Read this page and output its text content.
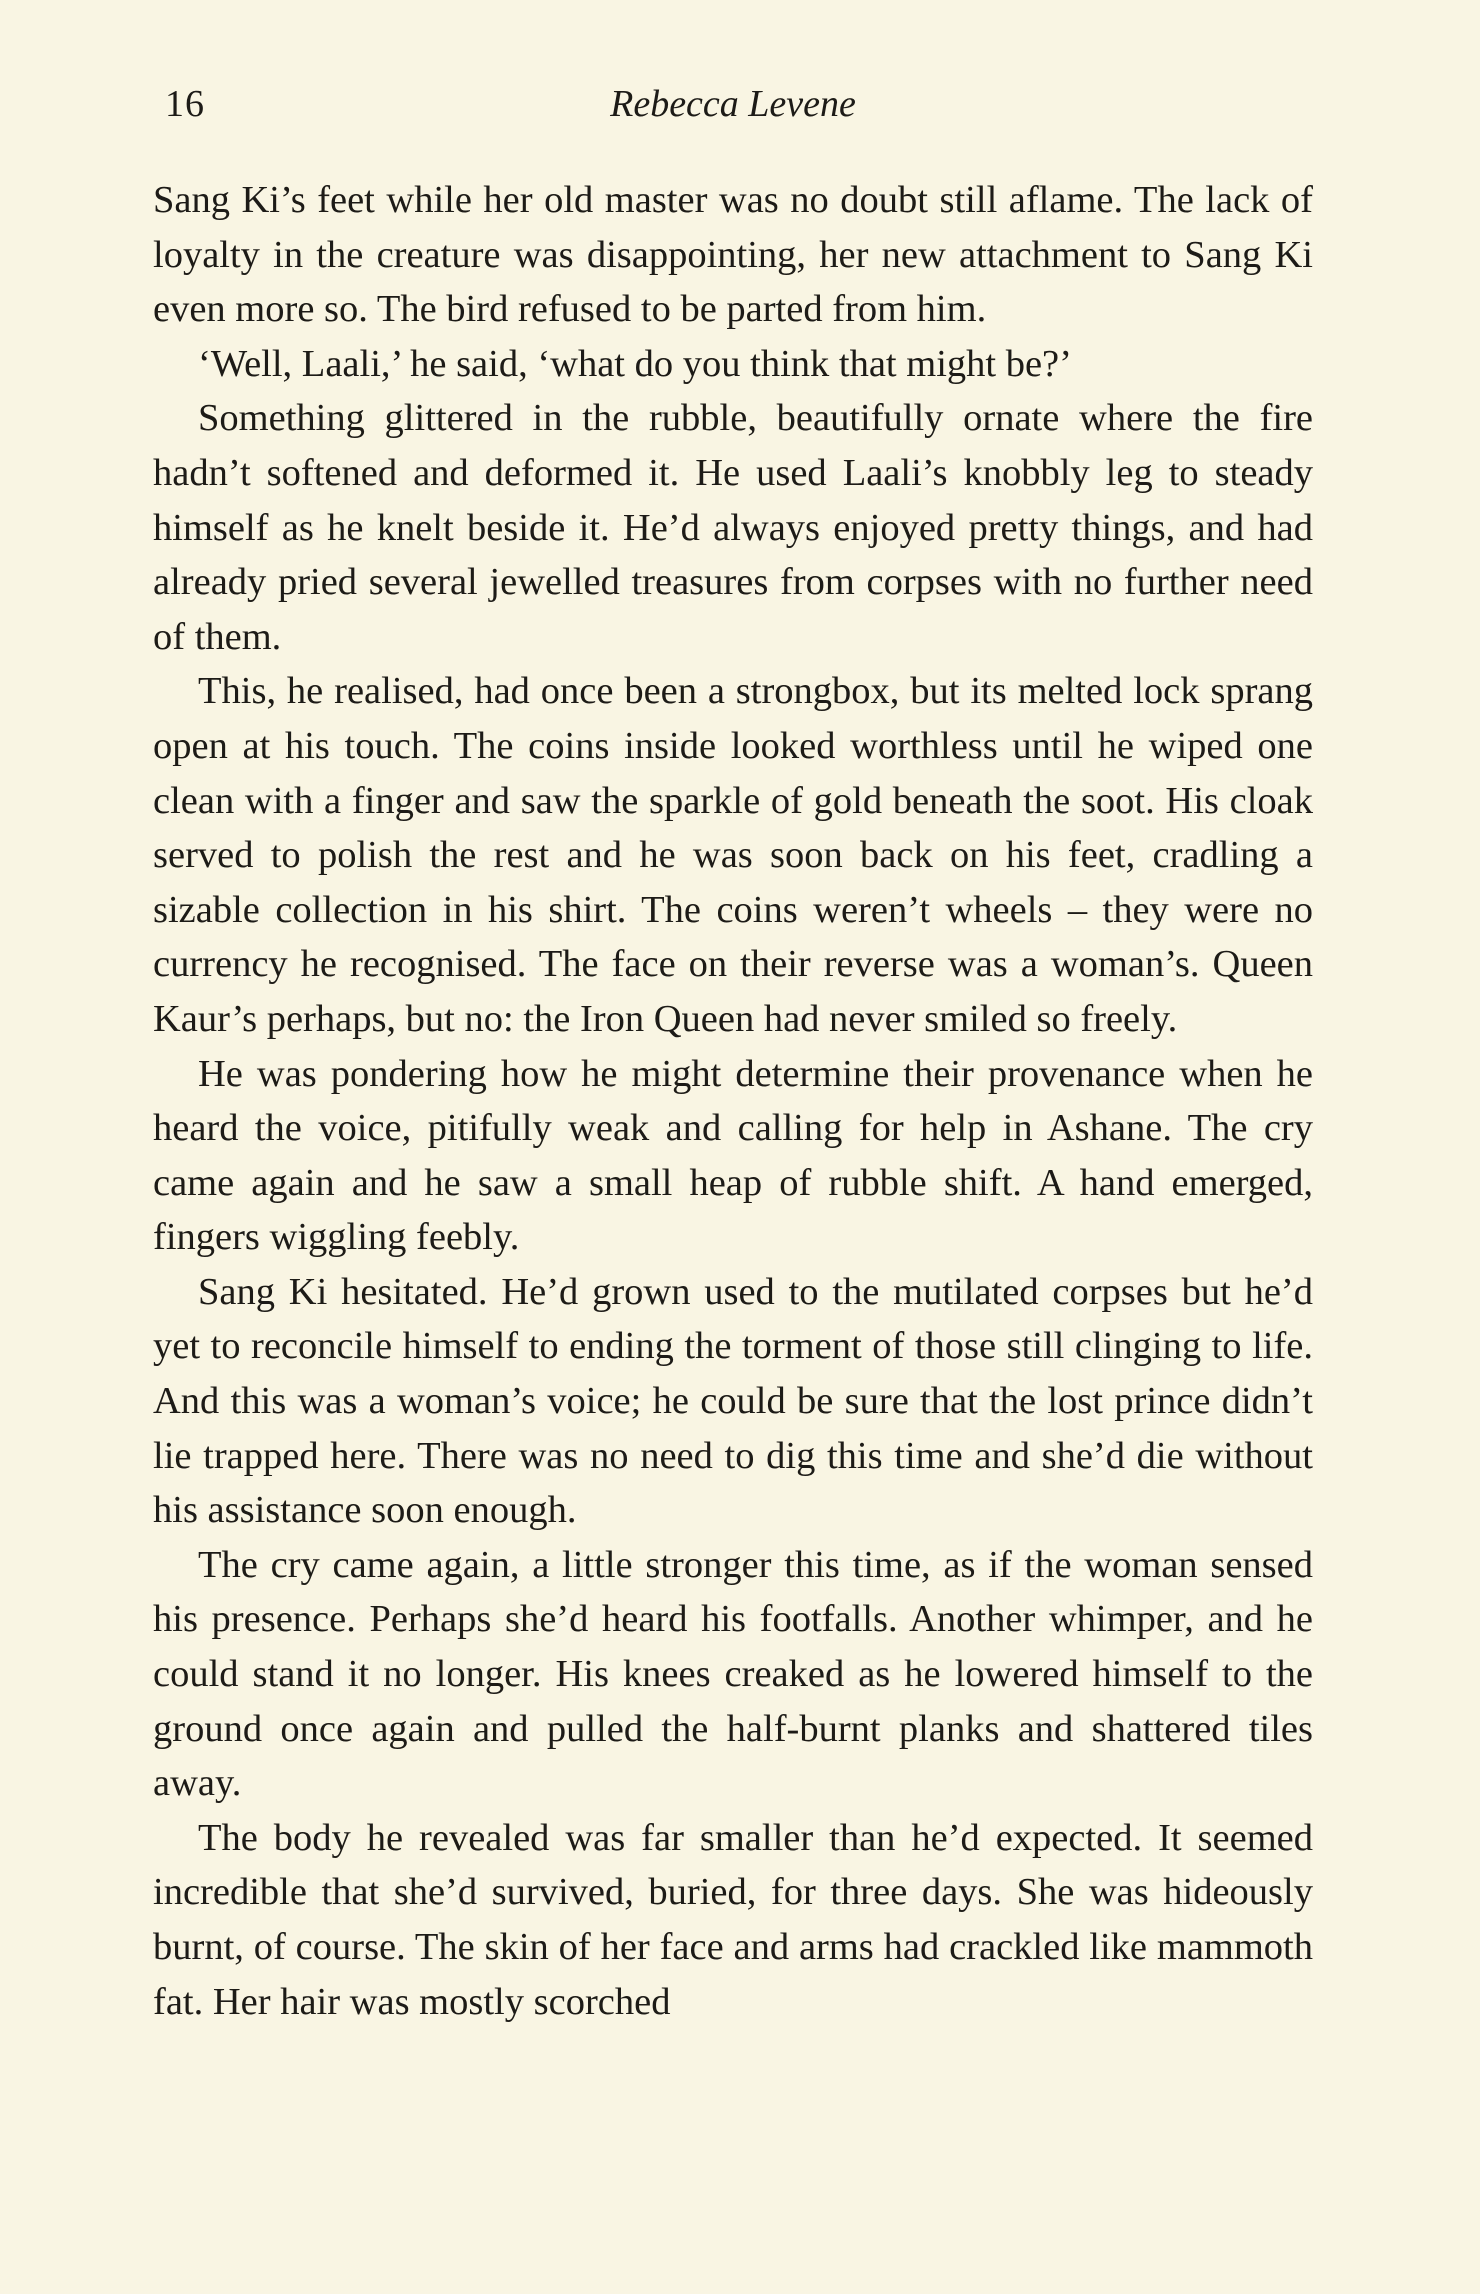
16	Rebecca Levene

Sang Ki’s feet while her old master was no doubt still aflame. The lack of loyalty in the creature was disappointing, her new attachment to Sang Ki even more so. The bird refused to be parted from him.

‘Well, Laali,’ he said, ‘what do you think that might be?’

Something glittered in the rubble, beautifully ornate where the fire hadn’t softened and deformed it. He used Laali’s knobbly leg to steady himself as he knelt beside it. He’d always enjoyed pretty things, and had already pried several jewelled treasures from corpses with no further need of them.

This, he realised, had once been a strongbox, but its melted lock sprang open at his touch. The coins inside looked worthless until he wiped one clean with a finger and saw the sparkle of gold beneath the soot. His cloak served to polish the rest and he was soon back on his feet, cradling a sizable collection in his shirt. The coins weren’t wheels – they were no currency he recognised. The face on their reverse was a woman’s. Queen Kaur’s perhaps, but no: the Iron Queen had never smiled so freely.

He was pondering how he might determine their provenance when he heard the voice, pitifully weak and calling for help in Ashane. The cry came again and he saw a small heap of rubble shift. A hand emerged, fingers wiggling feebly.

Sang Ki hesitated. He’d grown used to the mutilated corpses but he’d yet to reconcile himself to ending the torment of those still clinging to life. And this was a woman’s voice; he could be sure that the lost prince didn’t lie trapped here. There was no need to dig this time and she’d die without his assistance soon enough.

The cry came again, a little stronger this time, as if the woman sensed his presence. Perhaps she’d heard his footfalls. Another whimper, and he could stand it no longer. His knees creaked as he lowered himself to the ground once again and pulled the half-burnt planks and shattered tiles away.

The body he revealed was far smaller than he’d expected. It seemed incredible that she’d survived, buried, for three days. She was hideously burnt, of course. The skin of her face and arms had crackled like mammoth fat. Her hair was mostly scorched
